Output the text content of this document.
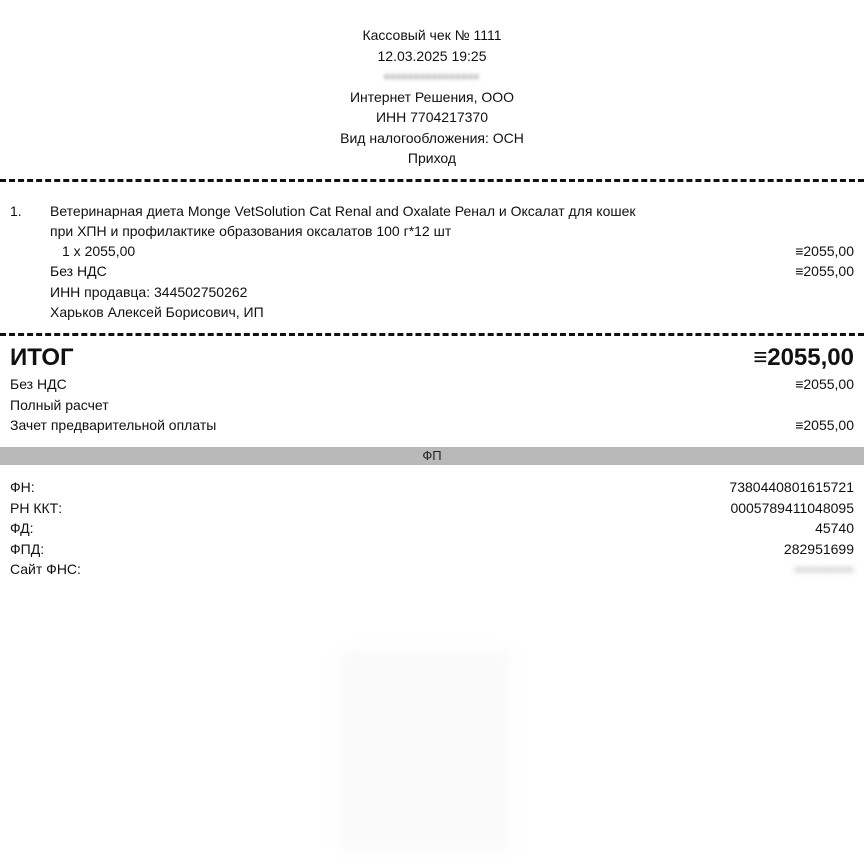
Кассовый чек № 1111
12.03.2025 19:25
▪▪▪▪▪▪▪▪▪▪▪▪▪▪▪▪
Интернет Решения, ООО
ИНН 7704217370
Вид налогообложения: ОСН
Приход
1. Ветеринарная диета Monge VetSolution Cat Renal and Oxalate Ренал и Оксалат для кошек
при ХПН и профилактике образования оксалатов 100 г*12 шт
1 х 2055,00	≡2055,00
Без НДС	≡2055,00
ИНН продавца: 344502750262
Харьков Алексей Борисович, ИП
ИТОГ	≡2055,00
Без НДС	≡2055,00
Полный расчет
Зачет предварительной оплаты	≡2055,00
ФП
ФН:	7380440801615721
РН ККТ:	0005789411048095
ФД:	45740
ФПД:	282951699
Сайт ФНС:	▪▪▪▪▪▪▪▪▪▪▪▪
